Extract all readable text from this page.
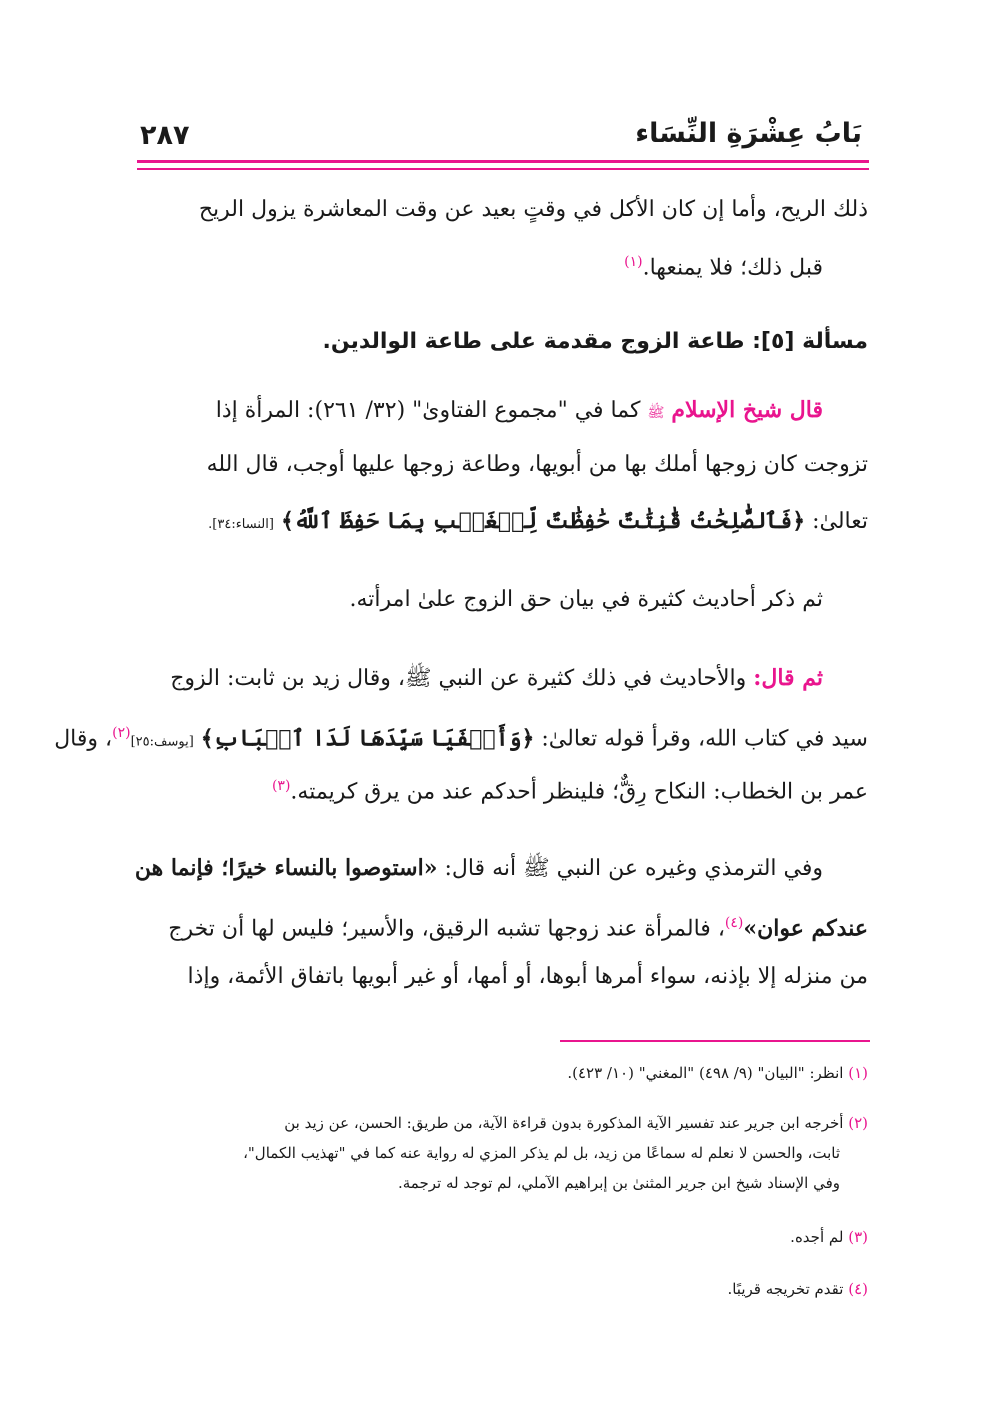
بَابُ عِشْرَةِ النِّسَاء
٢٨٧

ذلك الريح، وأما إن كان الأكل في وقتٍ بعيد عن وقت المعاشرة يزول الريح

قبل ذلك؛ فلا يمنعها.$^{(١)}$

مسألة [٥]: طاعة الزوج مقدمة على طاعة الوالدين.

قال شيخ الإسلام ﷺ كما في "مجموع الفتاوىٰ" (٣٢/ ٢٦١): المرأة إذا

تزوجت كان زوجها أملك بها من أبويها، وطاعة زوجها عليها أوجب، قال الله

تعالىٰ: ﴿فَٱلصَّٰلِحَٰتُ قَٰنِتَٰتٌ حَٰفِظَٰتٌ لِّلۡغَيۡبِ بِمَا حَفِظَ ٱللَّهُ﴾ [النساء:٣٤].

ثم ذكر أحاديث كثيرة في بيان حق الزوج علىٰ امرأته.

ثم قال: والأحاديث في ذلك كثيرة عن النبي ﷺ، وقال زيد بن ثابت: الزوج

سيد في كتاب الله، وقرأ قوله تعالىٰ: ﴿وَأَلۡفَيَا سَيِّدَهَا لَدَا ٱلۡبَابِ﴾ [يوسف:٢٥]$^{(٢)}$، وقال

عمر بن الخطاب: النكاح رِقٌّ؛ فلينظر أحدكم عند من يرق كريمته.$^{(٣)}$

وفي الترمذي وغيره عن النبي ﷺ أنه قال: «استوصوا بالنساء خيرًا؛ فإنما هن

عندكم عوان»$^{(٤)}$، فالمرأة عند زوجها تشبه الرقيق، والأسير؛ فليس لها أن تخرج

من منزله إلا بإذنه، سواء أمرها أبوها، أو أمها، أو غير أبويها باتفاق الأئمة، وإذا

(١) انظر: "البيان" (٩/ ٤٩٨) "المغني" (١٠/ ٤٢٣).
(٢) أخرجه ابن جرير عند تفسير الآية المذكورة بدون قراءة الآية، من طريق: الحسن، عن زيد بن
ثابت، والحسن لا نعلم له سماعًا من زيد، بل لم يذكر المزي له رواية عنه كما في "تهذيب الكمال"،
وفي الإسناد شيخ ابن جرير المثنىٰ بن إبراهيم الآملي، لم توجد له ترجمة.
(٣) لم أجده.
(٤) تقدم تخريجه قريبًا.
